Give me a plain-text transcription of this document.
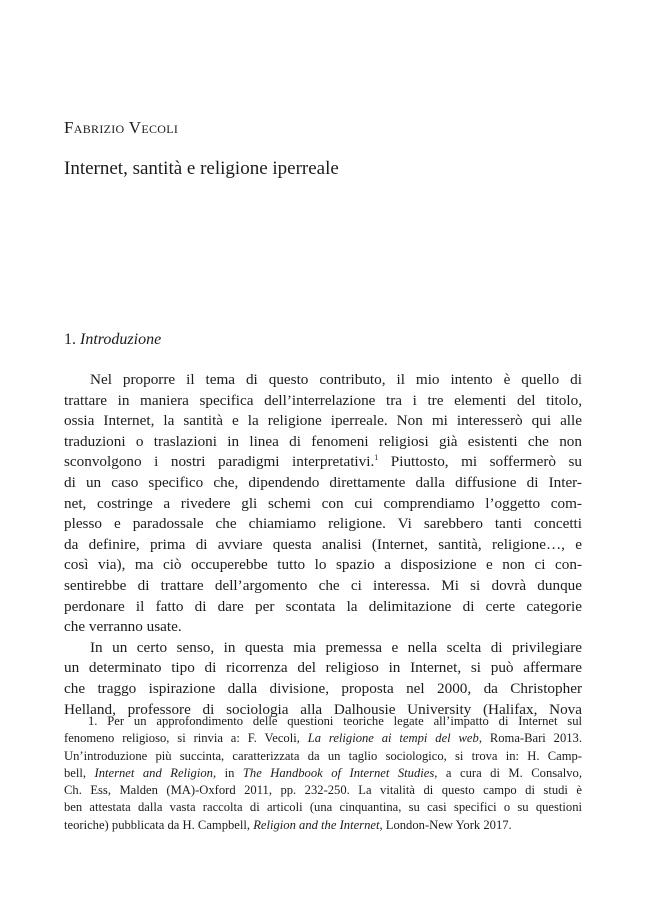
Fabrizio Vecoli
Internet, santità e religione iperreale
1. Introduzione
Nel proporre il tema di questo contributo, il mio intento è quello di
trattare in maniera specifica dell’interrelazione tra i tre elementi del titolo,
ossia Internet, la santità e la religione iperreale. Non mi interesserò qui alle
traduzioni o traslazioni in linea di fenomeni religiosi già esistenti che non
sconvolgono i nostri paradigmi interpretativi.$^1$ Piuttosto, mi soffermerò su
di un caso specifico che, dipendendo direttamente dalla diffusione di Inter-
net, costringe a rivedere gli schemi con cui comprendiamo l’oggetto com-
plesso e paradossale che chiamiamo religione. Vi sarebbero tanti concetti
da definire, prima di avviare questa analisi (Internet, santità, religione…, e
così via), ma ciò occuperebbe tutto lo spazio a disposizione e non ci con-
sentirebbe di trattare dell’argomento che ci interessa. Mi si dovrà dunque
perdonare il fatto di dare per scontata la delimitazione di certe categorie
che verranno usate.
In un certo senso, in questa mia premessa e nella scelta di privilegiare
un determinato tipo di ricorrenza del religioso in Internet, si può affermare
che traggo ispirazione dalla divisione, proposta nel 2000, da Christopher
Helland, professore di sociologia alla Dalhousie University (Halifax, Nova
1. Per un approfondimento delle questioni teoriche legate all’impatto di Internet sul
fenomeno religioso, si rinvia a: F. Vecoli, La religione ai tempi del web, Roma-Bari 2013.
Un’introduzione più succinta, caratterizzata da un taglio sociologico, si trova in: H. Camp-
bell, Internet and Religion, in The Handbook of Internet Studies, a cura di M. Consalvo,
Ch. Ess, Malden (MA)-Oxford 2011, pp. 232-250. La vitalità di questo campo di studi è
ben attestata dalla vasta raccolta di articoli (una cinquantina, su casi specifici o su questioni
teoriche) pubblicata da H. Campbell, Religion and the Internet, London-New York 2017.
